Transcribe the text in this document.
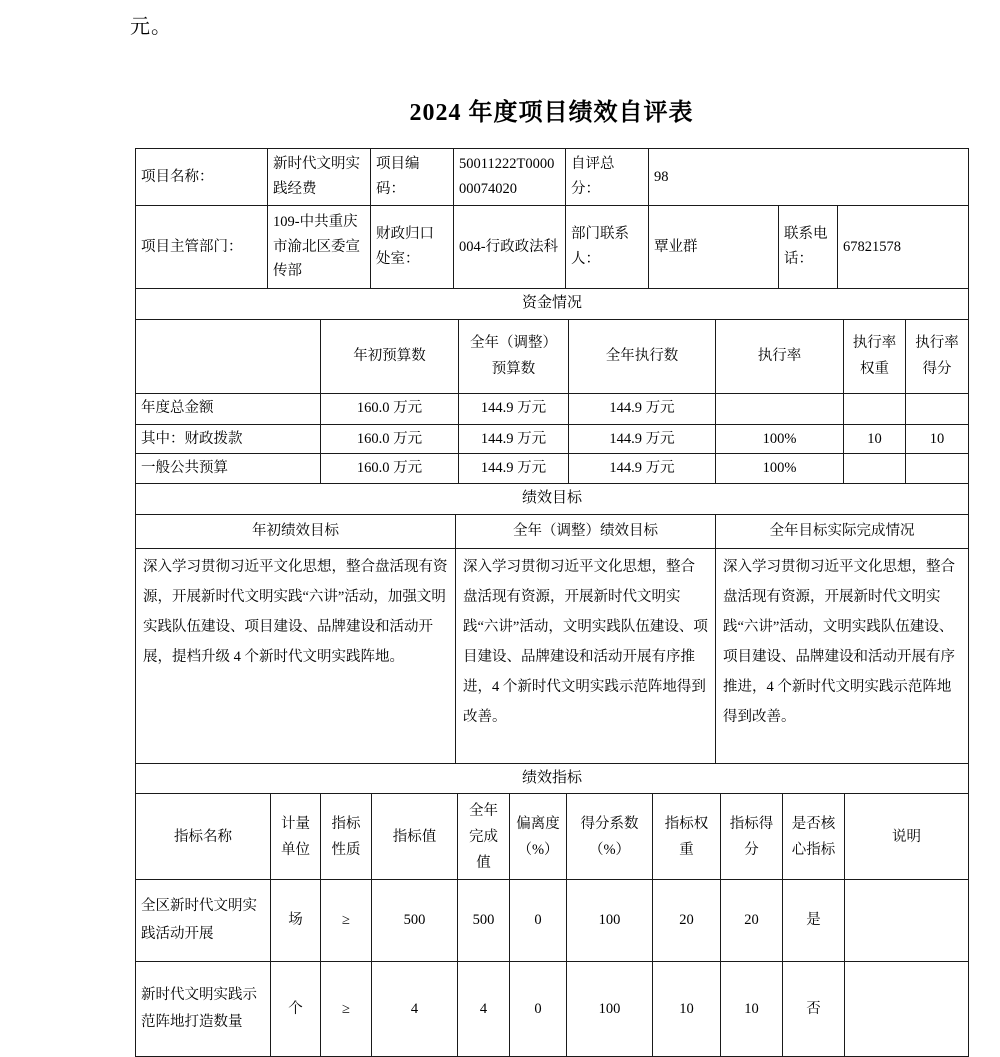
元。
2024 年度项目绩效自评表
项目名称：	新时代文明实践经费	项目编码：	50011222T000000074020	自评总分：	98		
项目主管部门：	109-中共重庆市渝北区委宣传部	财政归口处室：	004-行政政法科	部门联系人：	覃业群	联系电话：	67821578
资金情况						
	年初预算数	全年（调整）预算数	全年执行数	执行率	执行率权重	执行率得分
年度总金额	160.0 万元	144.9 万元	144.9 万元			
其中：财政拨款	160.0 万元	144.9 万元	144.9 万元	100%	10	10
一般公共预算	160.0 万元	144.9 万元	144.9 万元	100%		
绩效目标		
年初绩效目标	全年（调整）绩效目标	全年目标实际完成情况
深入学习贯彻习近平文化思想，整合盘活现有资源，开展新时代文明实践“六讲”活动，加强文明实践队伍建设、项目建设、品牌建设和活动开展，提档升级 4 个新时代文明实践阵地。	深入学习贯彻习近平文化思想，整合盘活现有资源，开展新时代文明实践“六讲”活动，文明实践队伍建设、项目建设、品牌建设和活动开展有序推进，4 个新时代文明实践示范阵地得到改善。	深入学习贯彻习近平文化思想，整合盘活现有资源，开展新时代文明实践“六讲”活动，文明实践队伍建设、项目建设、品牌建设和活动开展有序推进，4 个新时代文明实践示范阵地得到改善。
绩效指标										
指标名称	计量单位	指标性质	指标值	全年完成值	偏离度（%）	得分系数（%）	指标权重	指标得分	是否核心指标	说明
全区新时代文明实践活动开展	场	≥	500	500	0	100	20	20	是	
新时代文明实践示范阵地打造数量	个	≥	4	4	0	100	10	10	否	
